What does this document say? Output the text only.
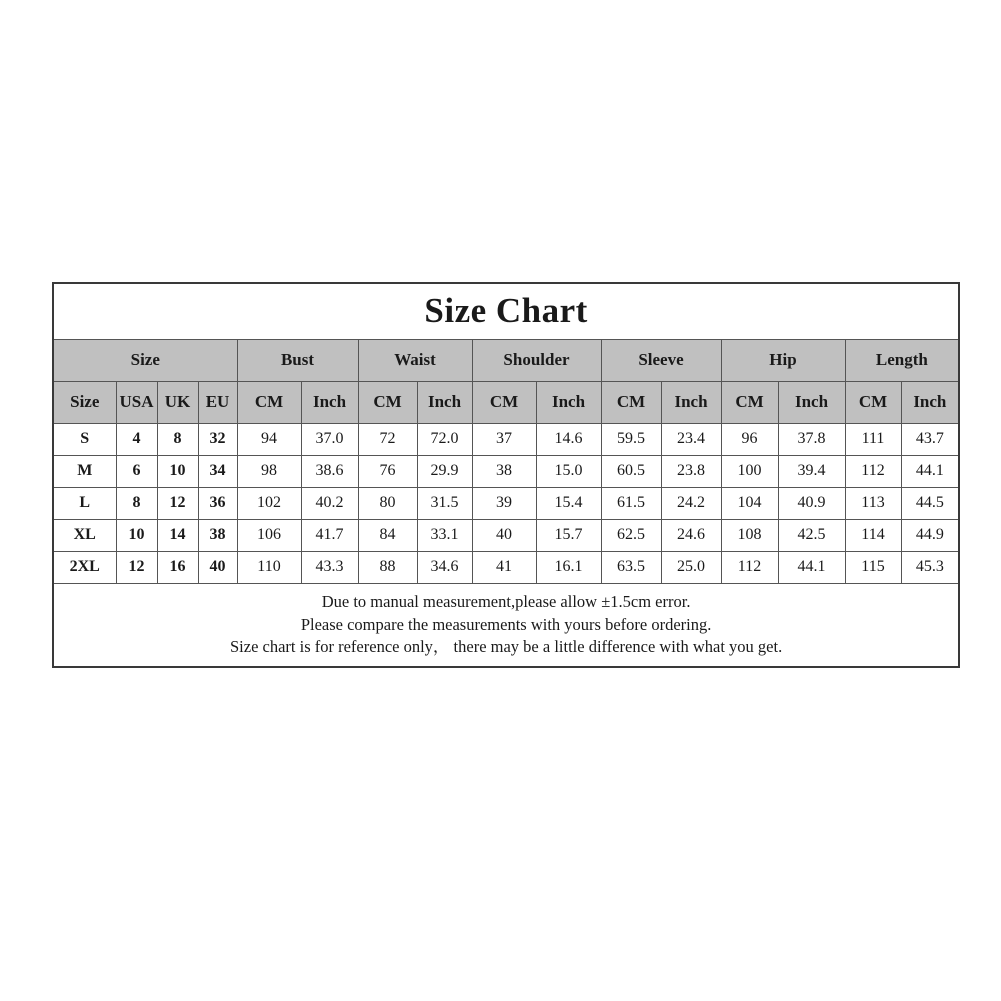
Size Chart															
Size				Bust		Waist		Shoulder		Sleeve		Hip		Length	
Size	USA	UK	EU	CM	Inch	CM	Inch	CM	Inch	CM	Inch	CM	Inch	CM	Inch
S	4	8	32	94	37.0	72	72.0	37	14.6	59.5	23.4	96	37.8	111	43.7
M	6	10	34	98	38.6	76	29.9	38	15.0	60.5	23.8	100	39.4	112	44.1
L	8	12	36	102	40.2	80	31.5	39	15.4	61.5	24.2	104	40.9	113	44.5
XL	10	14	38	106	41.7	84	33.1	40	15.7	62.5	24.6	108	42.5	114	44.9
2XL	12	16	40	110	43.3	88	34.6	41	16.1	63.5	25.0	112	44.1	115	45.3

Due to manual measurement,please allow ±1.5cm error.
Please compare the measurements with yours before ordering.
Size chart is for reference only， there may be a little difference with what you get.															
